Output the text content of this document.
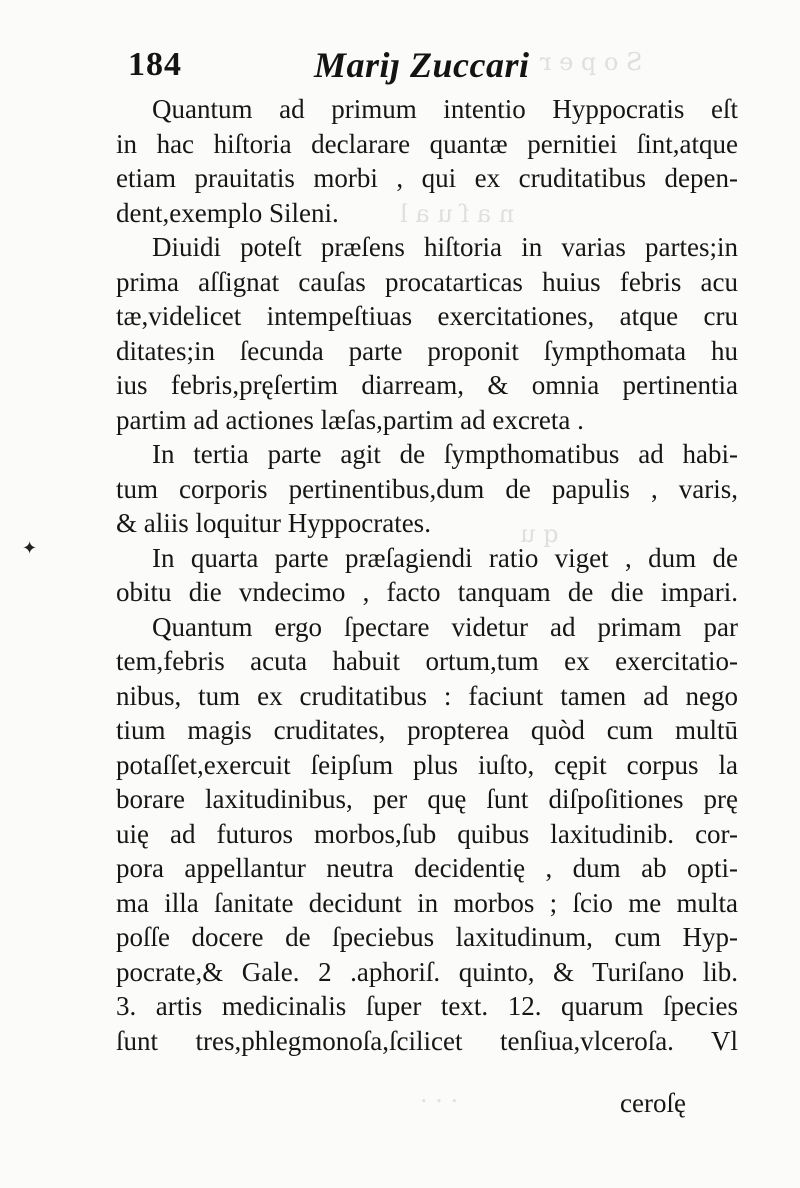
S o p e r
n a ſ u a l
q u
. . .
184	Mariȷ Zuccari
✦
Quantum ad primum intentio Hyppocratis eſt
in hac hiſtoria declarare quantæ pernitiei ſint,atque
etiam prauitatis morbi , qui ex cruditatibus depen-
dent,exemplo Sileni.
Diuidi poteſt præſens hiſtoria in varias partes;in
prima aſſignat cauſas procatarticas huius febris acu
tæ,videlicet intempeſtiuas exercitationes, atque cru
ditates;in ſecunda parte proponit ſympthomata hu
ius febris,pręſertim diarream, & omnia pertinentia
partim ad actiones læſas,partim ad excreta .
In tertia parte agit de ſympthomatibus ad habi-
tum corporis pertinentibus,dum de papulis , varis,
& aliis loquitur Hyppocrates.
In quarta parte præſagiendi ratio viget , dum de
obitu die vndecimo , facto tanquam de die impari.
Quantum ergo ſpectare videtur ad primam par
tem,febris acuta habuit ortum,tum ex exercitatio-
nibus, tum ex cruditatibus : faciunt tamen ad nego
tium magis cruditates, propterea quòd cum multū
potaſſet,exercuit ſeipſum plus iuſto, cępit corpus la
borare laxitudinibus, per quę ſunt diſpoſitiones prę
uię ad futuros morbos,ſub quibus laxitudinib. cor-
pora appellantur neutra decidentię , dum ab opti-
ma illa ſanitate decidunt in morbos ; ſcio me multa
poſſe docere de ſpeciebus laxitudinum, cum Hyp-
pocrate,& Gale. 2 .aphoriſ. quinto, & Turiſano lib.
3. artis medicinalis ſuper text. 12. quarum ſpecies
ſunt tres,phlegmonoſa,ſcilicet tenſiua,vlceroſa. Vl
ceroſę
